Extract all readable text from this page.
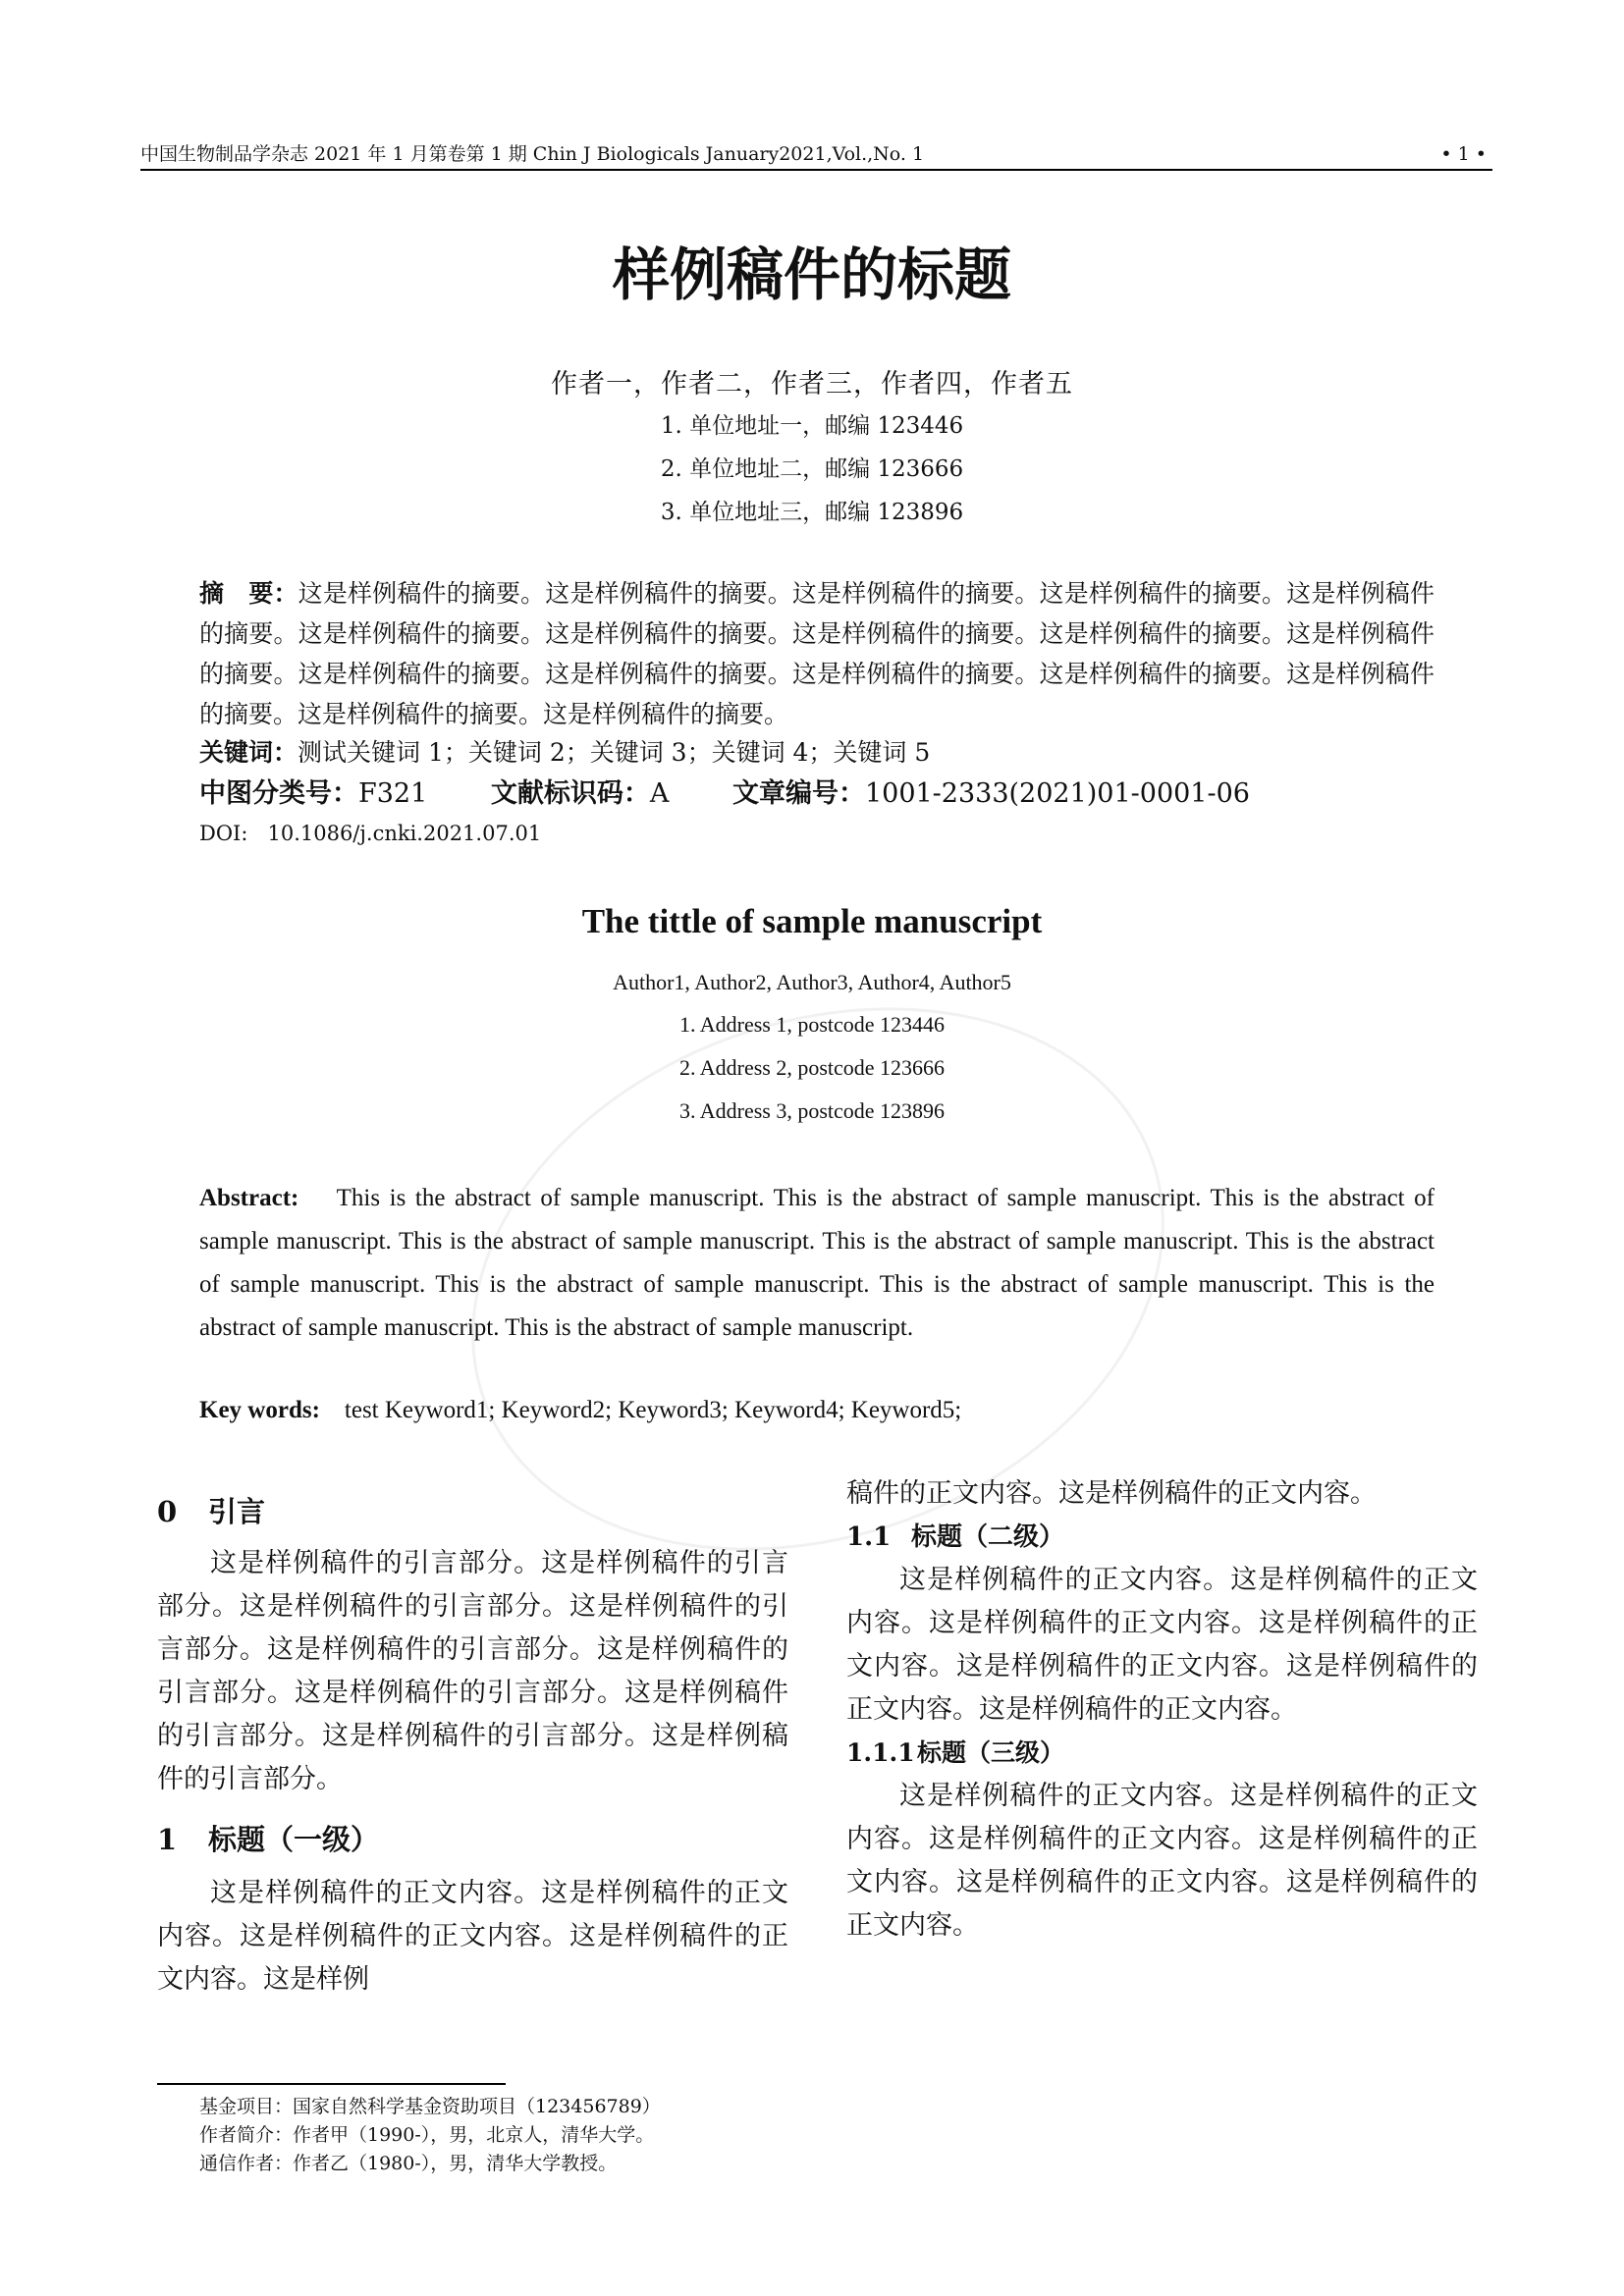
中国生物制品学杂志 2021 年 1 月第卷第 1 期 Chin J Biologicals January2021,Vol.,No. 1	• 1 •
样例稿件的标题
作者一，作者二，作者三，作者四，作者五
1. 单位地址一，邮编 123446
2. 单位地址二，邮编 123666
3. 单位地址三，邮编 123896
摘　要：这是样例稿件的摘要。这是样例稿件的摘要。这是样例稿件的摘要。这是样例稿件的摘要。这是样例稿件的摘要。这是样例稿件的摘要。这是样例稿件的摘要。这是样例稿件的摘要。这是样例稿件的摘要。这是样例稿件的摘要。这是样例稿件的摘要。这是样例稿件的摘要。这是样例稿件的摘要。这是样例稿件的摘要。这是样例稿件的摘要。这是样例稿件的摘要。这是样例稿件的摘要。
关键词：测试关键词 1；关键词 2；关键词 3；关键词 4；关键词 5
中图分类号：F321 文献标识码：A 文章编号：1001-2333(2021)01-0001-06
DOI: 10.1086/j.cnki.2021.07.01
The tittle of sample manuscript
Author1, Author2, Author3, Author4, Author5
1. Address 1, postcode 123446
2. Address 2, postcode 123666
3. Address 3, postcode 123896
Abstract: This is the abstract of sample manuscript. This is the abstract of sample manuscript. This is the abstract of sample manuscript. This is the abstract of sample manuscript. This is the abstract of sample manuscript. This is the abstract of sample manuscript. This is the abstract of sample manuscript. This is the abstract of sample manuscript. This is the abstract of sample manuscript. This is the abstract of sample manuscript.
Key words: test Keyword1; Keyword2; Keyword3; Keyword4; Keyword5;
0 引言

这是样例稿件的引言部分。这是样例稿件的引言部分。这是样例稿件的引言部分。这是样例稿件的引言部分。这是样例稿件的引言部分。这是样例稿件的引言部分。这是样例稿件的引言部分。这是样例稿件的引言部分。这是样例稿件的引言部分。这是样例稿件的引言部分。

1 标题（一级）

这是样例稿件的正文内容。这是样例稿件的正文内容。这是样例稿件的正文内容。这是样例稿件的正文内容。这是样例

稿件的正文内容。这是样例稿件的正文内容。

1.1 标题（二级）

这是样例稿件的正文内容。这是样例稿件的正文内容。这是样例稿件的正文内容。这是样例稿件的正文内容。这是样例稿件的正文内容。这是样例稿件的正文内容。这是样例稿件的正文内容。

1.1.1标题（三级）

这是样例稿件的正文内容。这是样例稿件的正文内容。这是样例稿件的正文内容。这是样例稿件的正文内容。这是样例稿件的正文内容。这是样例稿件的正文内容。

基金项目：国家自然科学基金资助项目（123456789）
作者简介：作者甲（1990-），男，北京人，清华大学。
通信作者：作者乙（1980-），男，清华大学教授。
